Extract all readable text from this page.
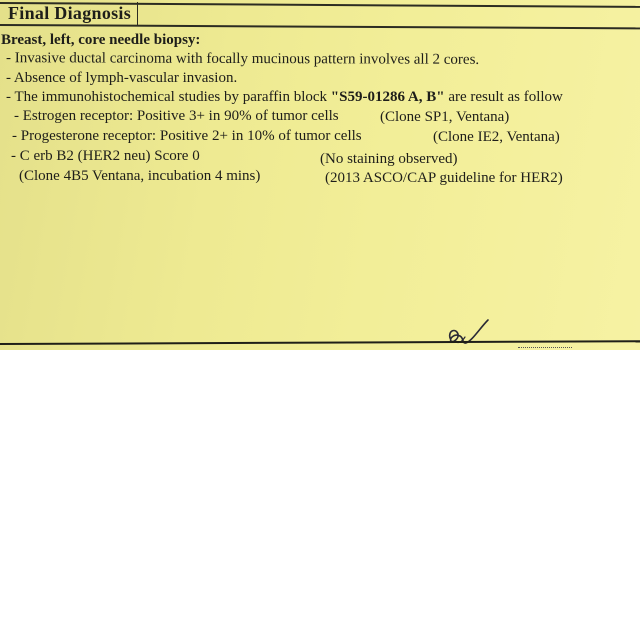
Final Diagnosis
Breast, left, core needle biopsy:
- Invasive ductal carcinoma with focally mucinous pattern involves all 2 cores.
- Absence of lymph-vascular invasion.
- The immunohistochemical studies by paraffin block "S59-01286 A, B" are result as follow
- Estrogen receptor: Positive 3+ in 90% of tumor cells	(Clone SP1, Ventana)
- Progesterone receptor: Positive 2+ in 10% of tumor cells	(Clone IE2, Ventana)
- C erb B2 (HER2 neu) Score 0	(No staining observed)
(Clone 4B5 Ventana, incubation 4 mins)	(2013 ASCO/CAP guideline for HER2)
